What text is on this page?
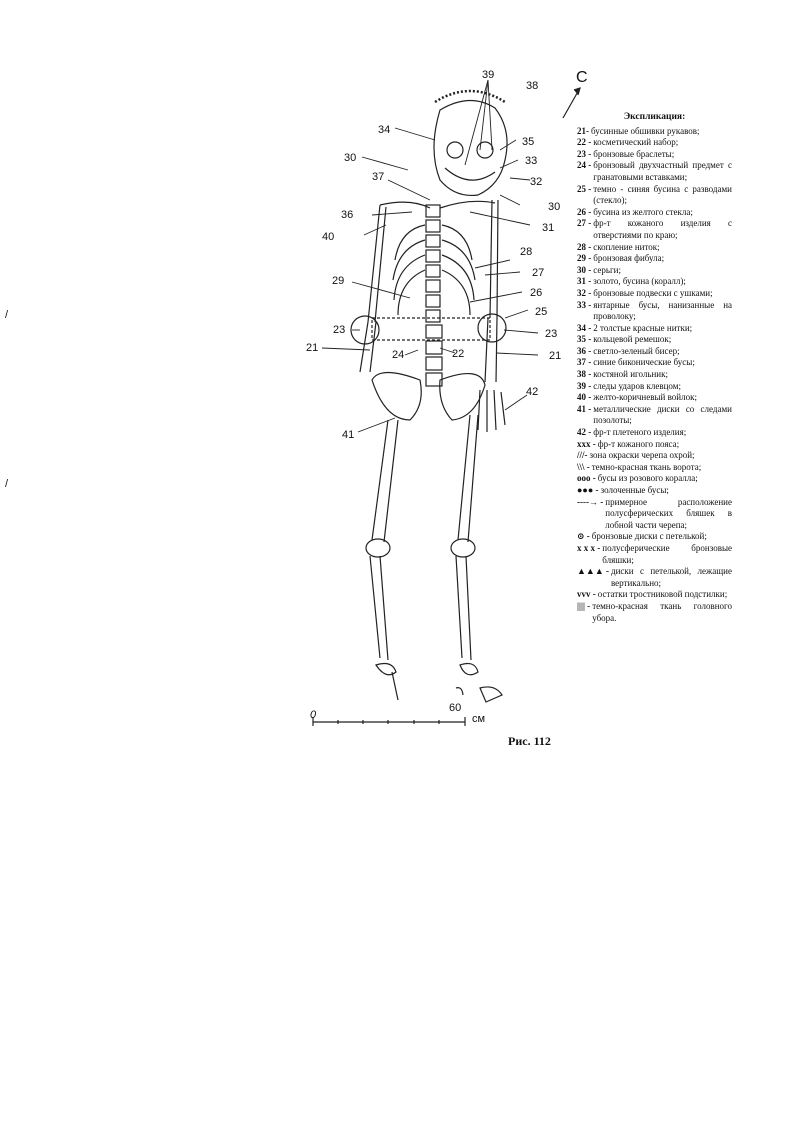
/
/
С
39
38
34
35
30	33
37	32
30
36
31
40
28
27
29
26
25
23	23
21
24	22	21
42
41
0
60
см
Экспликация:
21- бусинные обшивки рукавов;
22 - косметический набор;
23 - бронзовые браслеты;
24 - бронзовый двухчастный предмет с гранатовыми вставками;
25 - темно - синяя бусина с разводами (стекло);
26 - бусина из желтого стекла;
27 - фр-т кожаного изделия с отверстиями по краю;
28 - скопление ниток;
29 - бронзовая фибула;
30 - серьги;
31 - золото, бусина (коралл);
32 - бронзовые подвески с ушками;
33 - янтарные бусы, нанизанные на проволоку;
34 - 2 толстые красные нитки;
35 - кольцевой ремешок;
36 - светло-зеленый бисер;
37 - синие биконические бусы;
38 - костяной игольник;
39 - следы ударов клевцом;
40 - желто-коричневый войлок;
41 - металлические диски со следами позолоты;
42 - фр-т плетеного изделия;
xxx - фр-т кожаного пояса;
///- зона окраски черепа охрой;
\\\ - темно-красная ткань ворота;
ooo - бусы из розового коралла;
●●● - золоченные бусы;
----→ - примерное расположение полусферических бляшек в лобной части черепа;
⊙ - бронзовые диски с петелькой;
x x x - полусферические бронзовые бляшки;
▲▲▲ - диски с петелькой, лежащие вертикально;
vvv - остатки тростниковой подстилки;
|||| - темно-красная ткань головного убора.
Рис. 112
